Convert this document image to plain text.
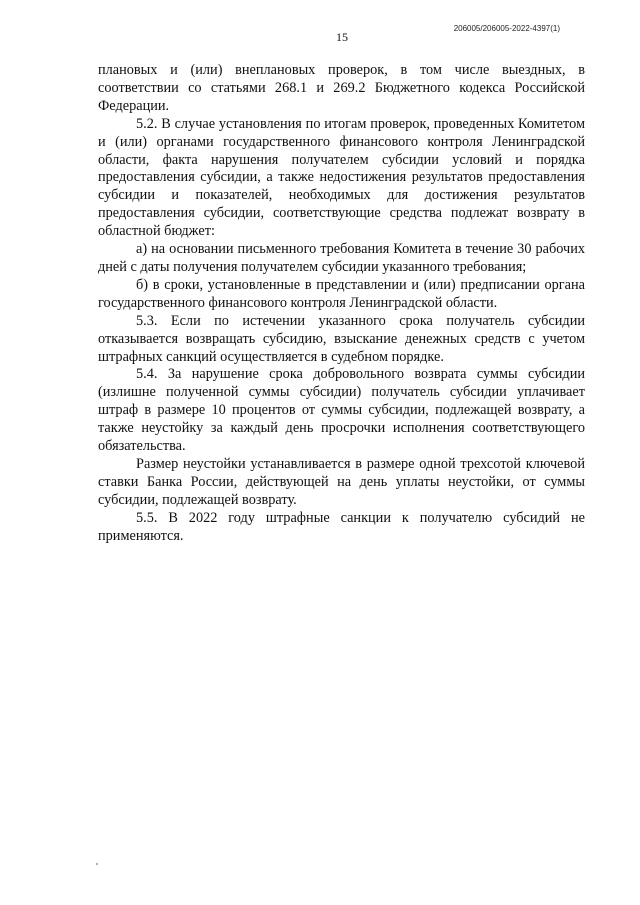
206005/206005-2022-4397(1)
15

плановых и (или) внеплановых проверок, в том числе выездных, в соответствии со статьями 268.1 и 269.2 Бюджетного кодекса Российской Федерации.

5.2. В случае установления по итогам проверок, проведенных Комитетом и (или) органами государственного финансового контроля Ленинградской области, факта нарушения получателем субсидии условий и порядка предоставления субсидии, а также недостижения результатов предоставления субсидии и показателей, необходимых для достижения результатов предоставления субсидии, соответствующие средства подлежат возврату в областной бюджет:

а) на основании письменного требования Комитета в течение 30 рабочих дней с даты получения получателем субсидии указанного требования;

б) в сроки, установленные в представлении и (или) предписании органа государственного финансового контроля Ленинградской области.

5.3. Если по истечении указанного срока получатель субсидии отказывается возвращать субсидию, взыскание денежных средств с учетом штрафных санкций осуществляется в судебном порядке.

5.4. За нарушение срока добровольного возврата суммы субсидии (излишне полученной суммы субсидии) получатель субсидии уплачивает штраф в размере 10 процентов от суммы субсидии, подлежащей возврату, а также неустойку за каждый день просрочки исполнения соответствующего обязательства.

Размер неустойки устанавливается в размере одной трехсотой ключевой ставки Банка России, действующей на день уплаты неустойки, от суммы субсидии, подлежащей возврату.

5.5. В 2022 году штрафные санкции к получателю субсидий не применяются.
